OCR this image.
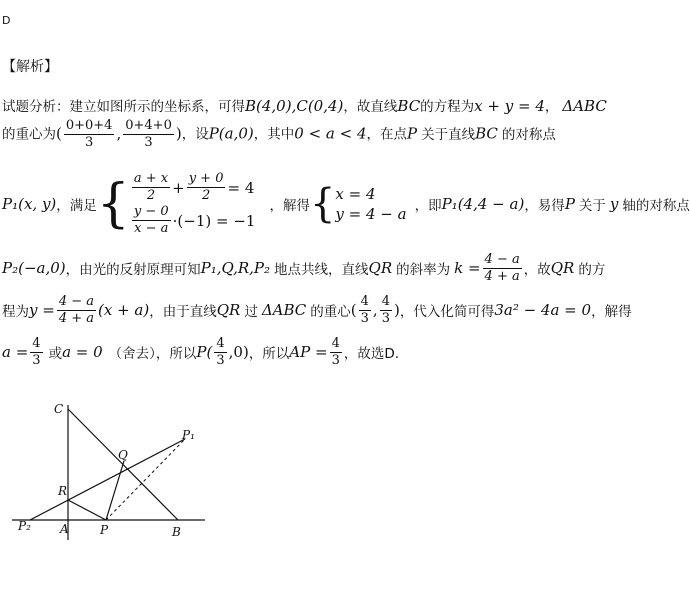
D
【解析】
试题分析：建立如图所示的坐标系，可得B(4,0),C(0,4)，故直线BC的方程为x + y = 4， ΔABC
的重心为( $\frac{0+0+4}{3}$ , $\frac{0+4+0}{3}$ )，设P(a,0)，其中0 < a < 4，在点P 关于直线BC 的对称点
P₁(x, y) ，满足 { $\frac{a + x}{2} + \frac{y + 0}{2} = 4$
$\frac{y - 0}{x - a} \cdot(-1) = -1$
，解得 { x = 4
y = 4 − a ，即 P₁(4,4 − a) ，易得 P 关于 y 轴的对称点
P₂(−a,0) ，由光的反射原理可知 P₁,Q,R,P₂ 地点共线，直线 QR 的斜率为 $k = \frac{4 - a}{4 + a}$ ，故 QR 的方
程为 $y = \frac{4 - a}{4 + a} (x + a)$ ，由于直线 QR 过 ΔABC 的重心 ( $\frac{4}{3}$ , $\frac{4}{3}$ ) ，代入化简可得 3a² − 4a = 0 ，解得
$a = \frac{4}{3}$ 或 a = 0 （舍去），所以 $P( \frac{4}{3} ,0)$ ，所以 AP = $\frac{4}{3}$ ，故选D.
C
Q
P₁
R
P₂ A	P	B
